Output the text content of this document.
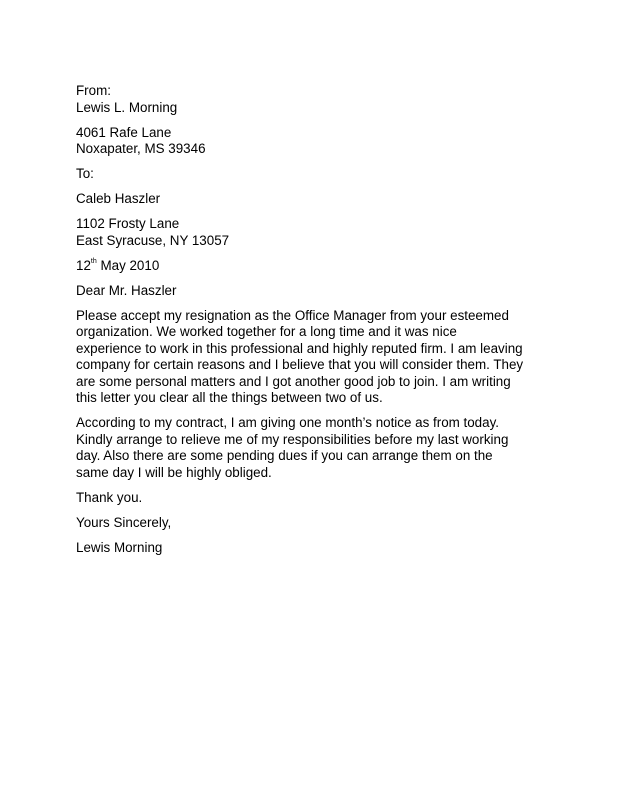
From:
Lewis L. Morning

4061 Rafe Lane
Noxapater, MS 39346

To:

Caleb Haszler

1102 Frosty Lane
East Syracuse, NY 13057

12th May 2010

Dear Mr. Haszler

Please accept my resignation as the Office Manager from your esteemed
organization. We worked together for a long time and it was nice
experience to work in this professional and highly reputed firm. I am leaving
company for certain reasons and I believe that you will consider them. They
are some personal matters and I got another good job to join. I am writing
this letter you clear all the things between two of us.

According to my contract, I am giving one month’s notice as from today.
Kindly arrange to relieve me of my responsibilities before my last working
day. Also there are some pending dues if you can arrange them on the
same day I will be highly obliged.

Thank you.

Yours Sincerely,

Lewis Morning
